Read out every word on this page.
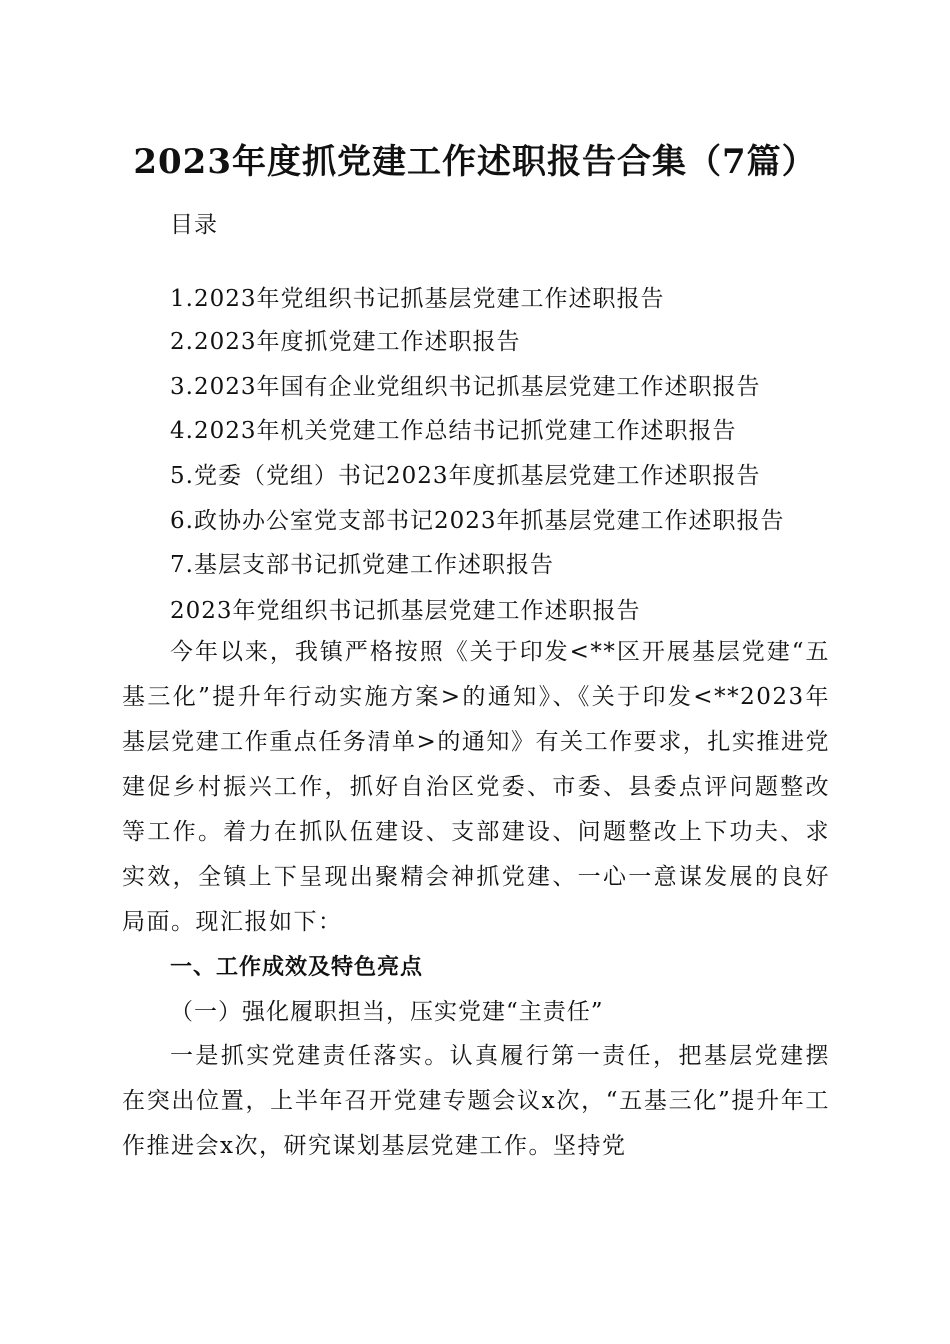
2023年度抓党建工作述职报告合集（7篇）
目录
1.2023年党组织书记抓基层党建工作述职报告
2.2023年度抓党建工作述职报告
3.2023年国有企业党组织书记抓基层党建工作述职报告
4.2023年机关党建工作总结书记抓党建工作述职报告
5.党委（党组）书记2023年度抓基层党建工作述职报告
6.政协办公室党支部书记2023年抓基层党建工作述职报告
7.基层支部书记抓党建工作述职报告
2023年党组织书记抓基层党建工作述职报告
今年以来，我镇严格按照《关于印发<**区开展基层党建“五基三化”提升年行动实施方案>的通知》、《关于印发<**2023年基层党建工作重点任务清单>的通知》有关工作要求，扎实推进党建促乡村振兴工作，抓好自治区党委、市委、县委点评问题整改等工作。着力在抓队伍建设、支部建设、问题整改上下功夫、求实效，全镇上下呈现出聚精会神抓党建、一心一意谋发展的良好局面。现汇报如下：
一、工作成效及特色亮点
（一）强化履职担当，压实党建“主责任”
一是抓实党建责任落实。认真履行第一责任，把基层党建摆在突出位置，上半年召开党建专题会议x次，“五基三化”提升年工作推进会x次，研究谋划基层党建工作。坚持党
